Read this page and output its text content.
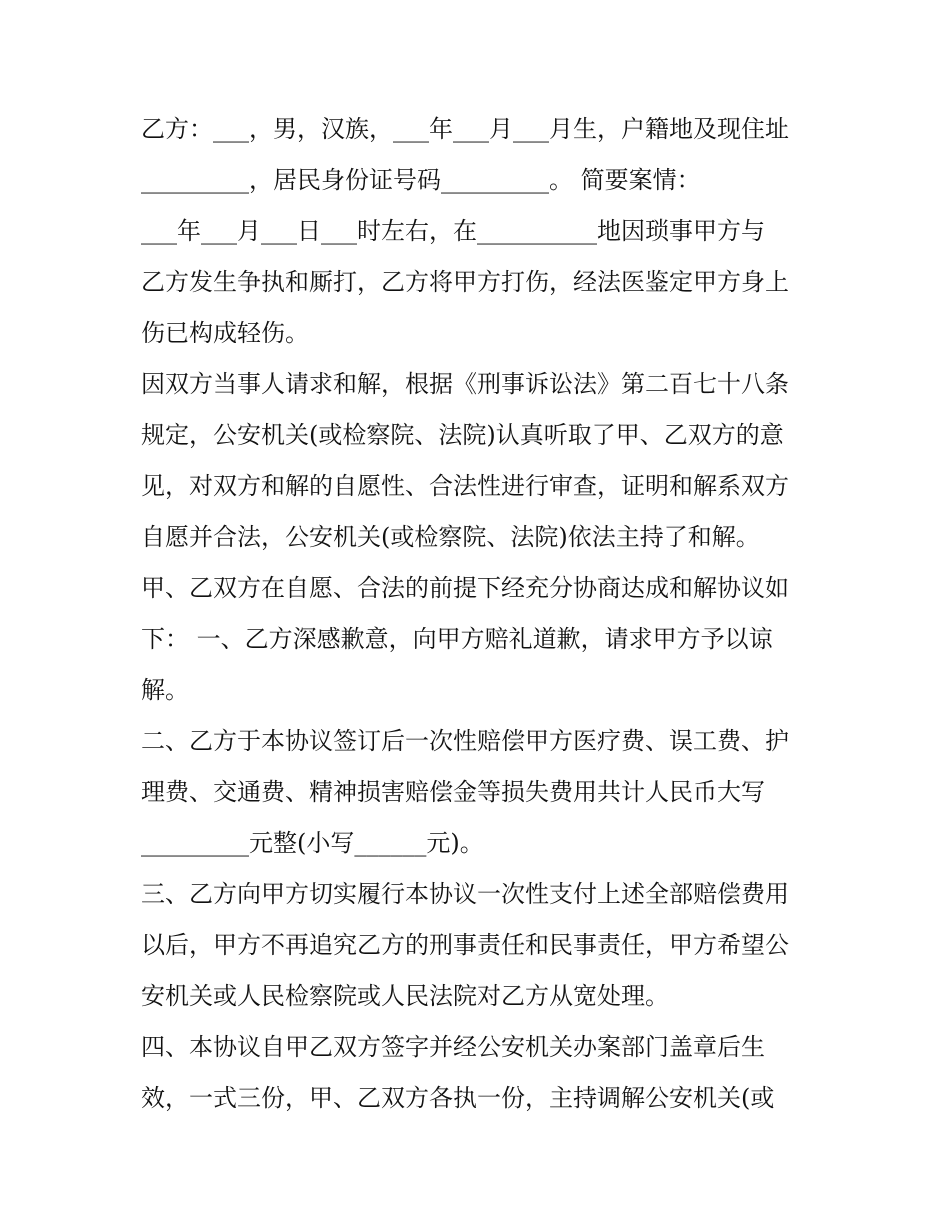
乙方：___，男，汉族，___年___月___月生，户籍地及现住址
_________，居民身份证号码_________。 简要案情：
___年___月___日___时左右，在__________地因琐事甲方与
乙方发生争执和厮打，乙方将甲方打伤，经法医鉴定甲方身上
伤已构成轻伤。
因双方当事人请求和解，根据《刑事诉讼法》第二百七十八条
规定，公安机关(或检察院、法院)认真听取了甲、乙双方的意
见，对双方和解的自愿性、合法性进行审查，证明和解系双方
自愿并合法，公安机关(或检察院、法院)依法主持了和解。
甲、乙双方在自愿、合法的前提下经充分协商达成和解协议如
下： 一、乙方深感歉意，向甲方赔礼道歉，请求甲方予以谅
解。
二、乙方于本协议签订后一次性赔偿甲方医疗费、误工费、护
理费、交通费、精神损害赔偿金等损失费用共计人民币大写
_________元整(小写______元)。
三、乙方向甲方切实履行本协议一次性支付上述全部赔偿费用
以后，甲方不再追究乙方的刑事责任和民事责任，甲方希望公
安机关或人民检察院或人民法院对乙方从宽处理。
四、本协议自甲乙双方签字并经公安机关办案部门盖章后生
效，一式三份，甲、乙双方各执一份，主持调解公安机关(或
